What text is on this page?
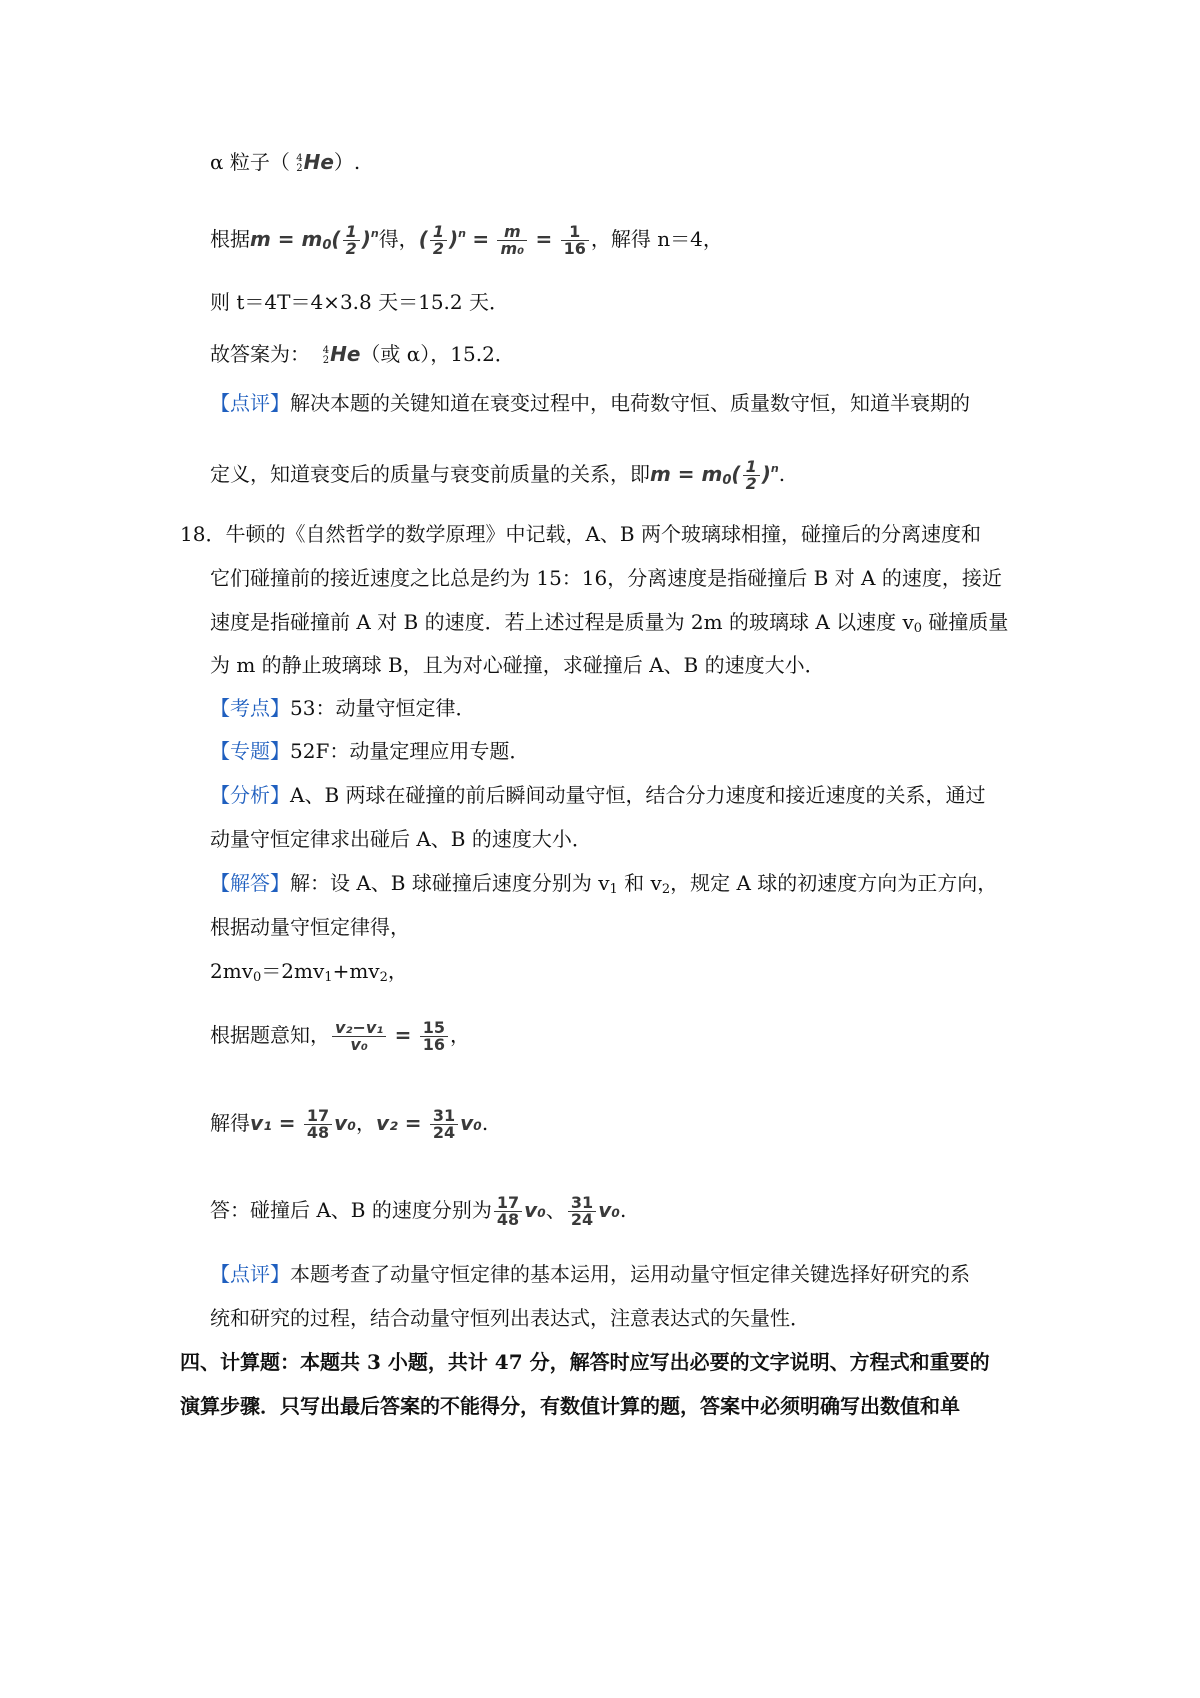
α 粒子（ 4
2 He）.
根据$m = m_0( \frac{1}{2} )^n$得，( $\frac{1}{2} )^n = \frac{m}{\text{m₀}} = \frac{1}{16}$ ，解得 n＝4，
则 t＝4T＝4×3.8 天＝15.2 天．
故答案为： 4
2 He（或 α），15.2．
【点评】解决本题的关键知道在衰变过程中，电荷数守恒、质量数守恒，知道半衰期的
定义，知道衰变后的质量与衰变前质量的关系，即$m = m_0( \frac{1}{2} )^n$.
18．牛顿的《自然哲学的数学原理》中记载，A、B 两个玻璃球相撞，碰撞后的分离速度和
它们碰撞前的接近速度之比总是约为 15：16，分离速度是指碰撞后 B 对 A 的速度，接近
速度是指碰撞前 A 对 B 的速度．若上述过程是质量为 2m 的玻璃球 A 以速度 $v_0$ 碰撞质量
为 m 的静止玻璃球 B，且为对心碰撞，求碰撞后 A、B 的速度大小．
【考点】53：动量守恒定律．
【专题】52F：动量定理应用专题．
【分析】A、B 两球在碰撞的前后瞬间动量守恒，结合分力速度和接近速度的关系，通过
动量守恒定律求出碰后 A、B 的速度大小．
【解答】解：设 A、B 球碰撞后速度分别为 $v_1$ 和 $v_2$，规定 A 球的初速度方向为正方向，
根据动量守恒定律得，
$2mv_0=2mv_1+mv_2$，
根据题意知， $\frac{\text{v₂−v₁}}{\text{v₀}} = \frac{15}{16}$ ，
解得$v_1 = \frac{17}{48} v_0$，$v_2 = \frac{31}{24} v_0$.
答：碰撞后 A、B 的速度分别为 $\frac{17}{48} v_0$、 $\frac{31}{24} v_0$.
【点评】本题考查了动量守恒定律的基本运用，运用动量守恒定律关键选择好研究的系
统和研究的过程，结合动量守恒列出表达式，注意表达式的矢量性．
四、计算题：本题共 3 小题，共计 47 分，解答时应写出必要的文字说明、方程式和重要的
演算步骤．只写出最后答案的不能得分，有数值计算的题，答案中必须明确写出数值和单
